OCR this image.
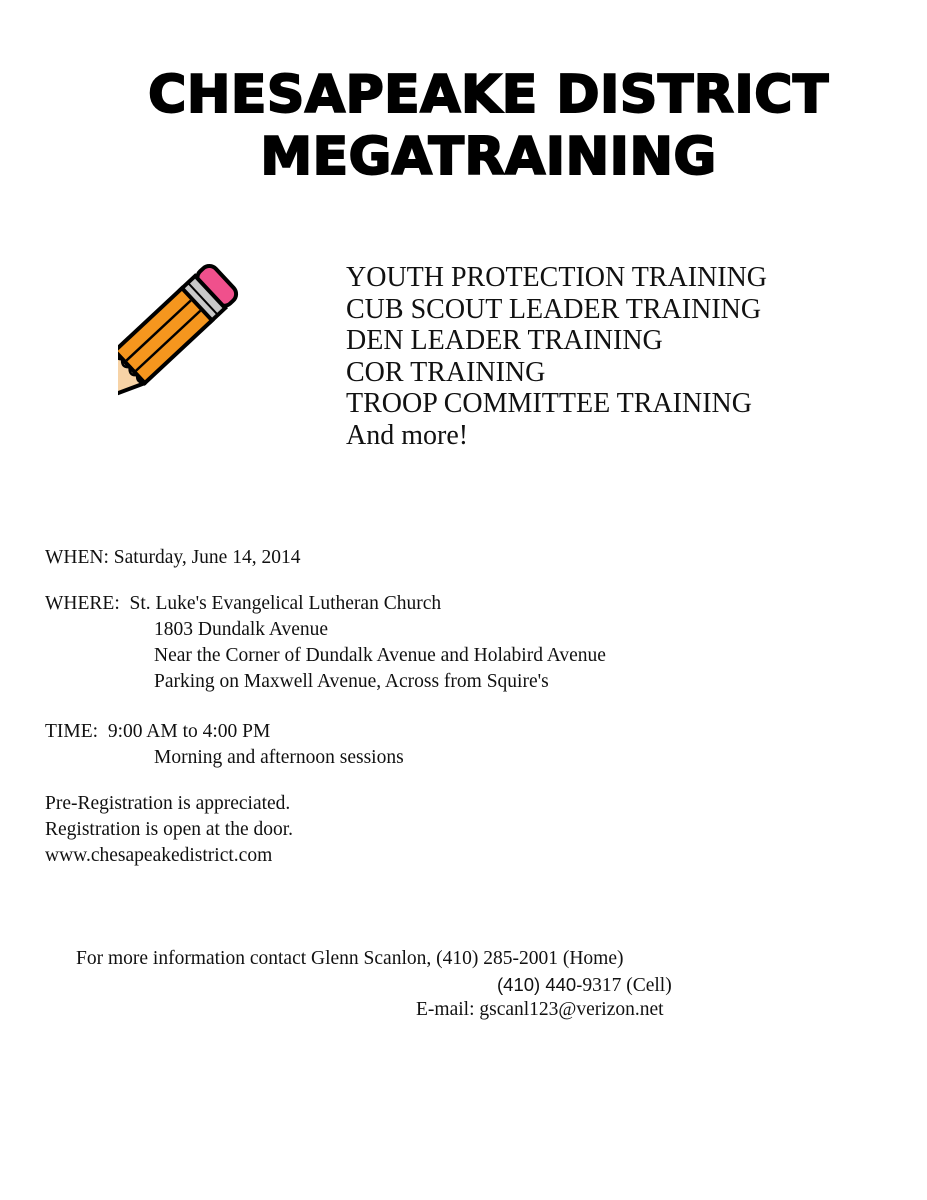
CHESAPEAKE DISTRICT
MEGATRAINING
YOUTH PROTECTION TRAINING
CUB SCOUT LEADER TRAINING
DEN LEADER TRAINING
COR TRAINING
TROOP COMMITTEE TRAINING
And more!
WHEN: Saturday, June 14, 2014
WHERE: St. Luke's Evangelical Lutheran Church
1803 Dundalk Avenue
Near the Corner of Dundalk Avenue and Holabird Avenue
Parking on Maxwell Avenue, Across from Squire's
TIME: 9:00 AM to 4:00 PM
Morning and afternoon sessions
Pre-Registration is appreciated.
Registration is open at the door.
www.chesapeakedistrict.com
For more information contact Glenn Scanlon, (410) 285-2001 (Home)
(410) 440-9317 (Cell)
E-mail: gscanl123@verizon.net
